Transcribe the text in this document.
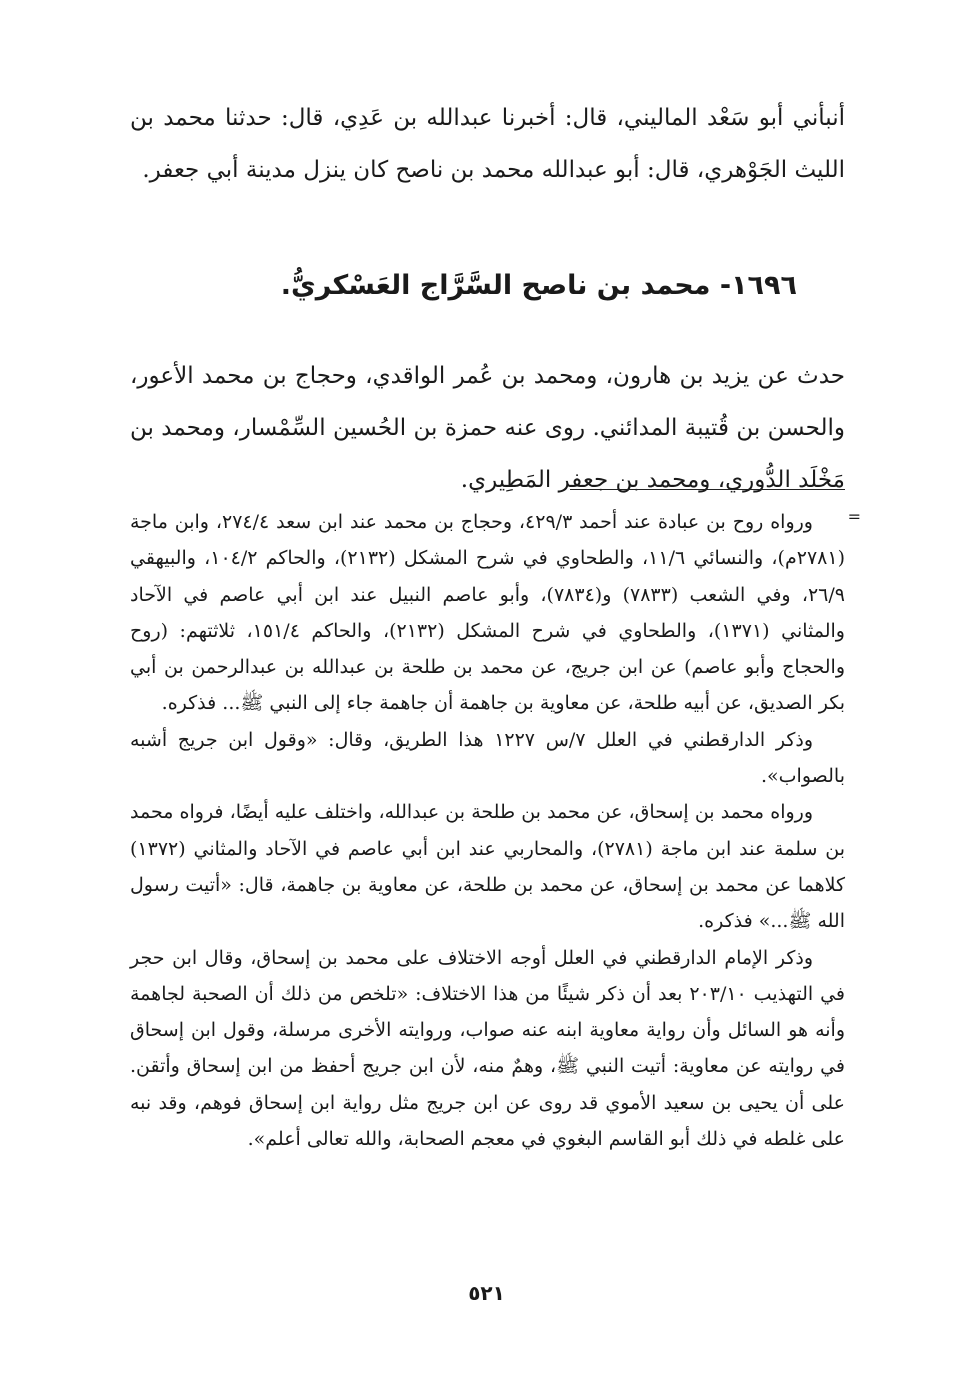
أنبأني أبو سَعْد الماليني، قال: أخبرنا عبدالله بن عَدِي، قال: حدثنا محمد بن الليث الجَوْهري، قال: أبو عبدالله محمد بن ناصح كان ينزل مدينة أبي جعفر.

١٦٩٦- محمد بن ناصح السَّرَّاج العَسْكريُّ.

حدث عن يزيد بن هارون، ومحمد بن عُمر الواقدي، وحجاج بن محمد الأعور، والحسن بن قُتيبة المدائني. روى عنه حمزة بن الحُسين السِّمْسار، ومحمد بن مَخْلَد الدُّوري، ومحمد بن جعفر المَطِيري.

=

ورواه روح بن عبادة عند أحمد ٤٢٩/٣، وحجاج بن محمد عند ابن سعد ٢٧٤/٤، وابن ماجة (٢٧٨١م)، والنسائي ١١/٦، والطحاوي في شرح المشكل (٢١٣٢)، والحاكم ١٠٤/٢، والبيهقي ٢٦/٩، وفي الشعب (٧٨٣٣) و(٧٨٣٤)، وأبو عاصم النبيل عند ابن أبي عاصم في الآحاد والمثاني (١٣٧١)، والطحاوي في شرح المشكل (٢١٣٢)، والحاكم ١٥١/٤، ثلاثتهم: (روح والحجاج وأبو عاصم) عن ابن جريج، عن محمد بن طلحة بن عبدالله بن عبدالرحمن بن أبي بكر الصديق، عن أبيه طلحة، عن معاوية بن جاهمة أن جاهمة جاء إلى النبي ﷺ... فذكره.

وذكر الدارقطني في العلل ٧/س ١٢٢٧ هذا الطريق، وقال: «وقول ابن جريج أشبه بالصواب».

ورواه محمد بن إسحاق، عن محمد بن طلحة بن عبدالله، واختلف عليه أيضًا، فرواه محمد بن سلمة عند ابن ماجة (٢٧٨١)، والمحاربي عند ابن أبي عاصم في الآحاد والمثاني (١٣٧٢) كلاهما عن محمد بن إسحاق، عن محمد بن طلحة، عن معاوية بن جاهمة، قال: «أتيت رسول الله ﷺ...» فذكره.

وذكر الإمام الدارقطني في العلل أوجه الاختلاف على محمد بن إسحاق، وقال ابن حجر في التهذيب ٢٠٣/١٠ بعد أن ذكر شيئًا من هذا الاختلاف: «تلخص من ذلك أن الصحبة لجاهمة وأنه هو السائل وأن رواية معاوية ابنه عنه صواب، وروايته الأخرى مرسلة، وقول ابن إسحاق في روايته عن معاوية: أتيت النبي ﷺ، وهمٌ منه، لأن ابن جريج أحفظ من ابن إسحاق وأتقن. على أن يحيى بن سعيد الأموي قد روى عن ابن جريج مثل رواية ابن إسحاق فوهم، وقد نبه على غلطه في ذلك أبو القاسم البغوي في معجم الصحابة، والله تعالى أعلم».

٥٢١
